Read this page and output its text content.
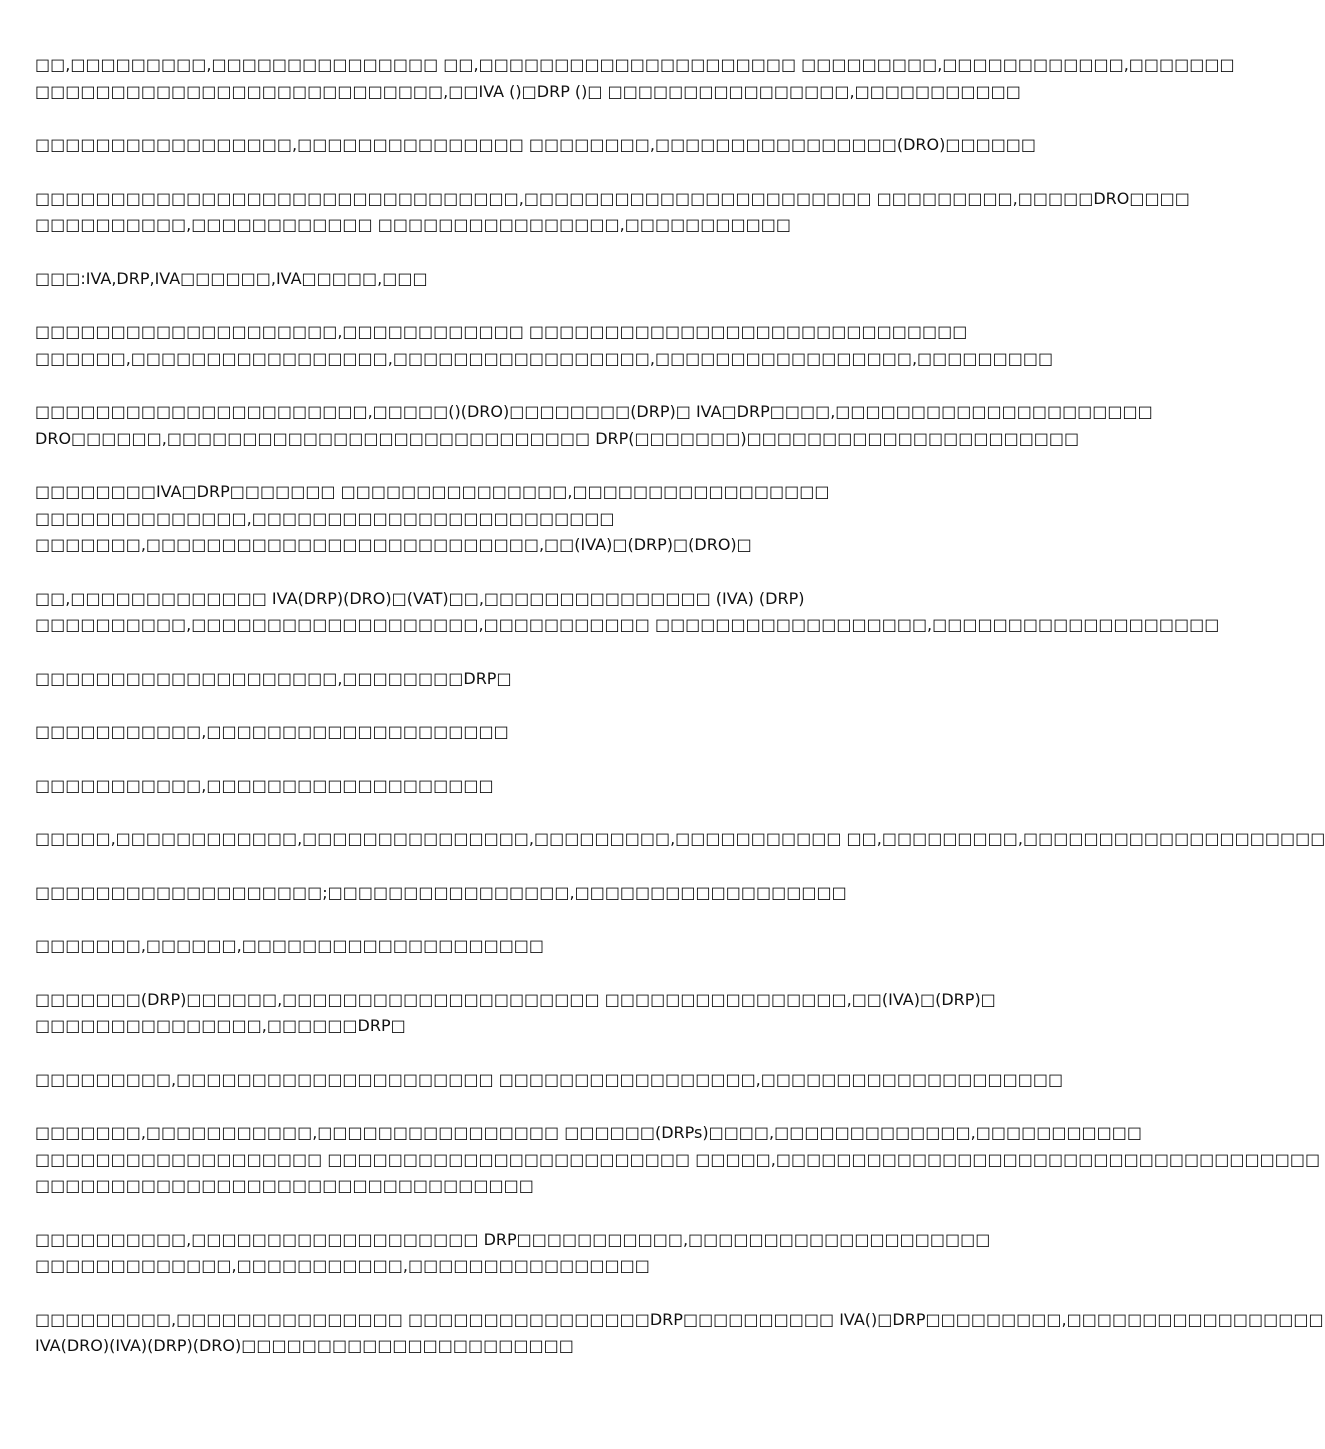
□□,□□□□□□□□□,□□□□□□□□□□□□□□□ □□,□□□□□□□□□□□□□□□□□□□□□ □□□□□□□□□,□□□□□□□□□□□□,□□□□□□□
□□□□□□□□□□□□□□□□□□□□□□□□□□□,□□IVA ()□DRP ()□ □□□□□□□□□□□□□□□□,□□□□□□□□□□□

□□□□□□□□□□□□□□□□□,□□□□□□□□□□□□□□□ □□□□□□□□,□□□□□□□□□□□□□□□□(DRO)□□□□□□

□□□□□□□□□□□□□□□□□□□□□□□□□□□□□□□□,□□□□□□□□□□□□□□□□□□□□□□□ □□□□□□□□□,□□□□□DRO□□□□
□□□□□□□□□□,□□□□□□□□□□□□ □□□□□□□□□□□□□□□□,□□□□□□□□□□□

□□□:IVA,DRP,IVA□□□□□□,IVA□□□□□,□□□

□□□□□□□□□□□□□□□□□□□□,□□□□□□□□□□□□ □□□□□□□□□□□□□□□□□□□□□□□□□□□□□
□□□□□□,□□□□□□□□□□□□□□□□□,□□□□□□□□□□□□□□□□□,□□□□□□□□□□□□□□□□□,□□□□□□□□□

□□□□□□□□□□□□□□□□□□□□□□,□□□□□()(DRO)□□□□□□□□(DRP)□ IVA□DRP□□□□,□□□□□□□□□□□□□□□□□□□□□
DRO□□□□□□,□□□□□□□□□□□□□□□□□□□□□□□□□□□□ DRP(□□□□□□□)□□□□□□□□□□□□□□□□□□□□□□

□□□□□□□□IVA□DRP□□□□□□□ □□□□□□□□□□□□□□□,□□□□□□□□□□□□□□□□□
□□□□□□□□□□□□□□,□□□□□□□□□□□□□□□□□□□□□□□□
□□□□□□□,□□□□□□□□□□□□□□□□□□□□□□□□□□,□□(IVA)□(DRP)□(DRO)□

□□,□□□□□□□□□□□□□ IVA(DRP)(DRO)□(VAT)□□,□□□□□□□□□□□□□□□ (IVA) (DRP)
□□□□□□□□□□,□□□□□□□□□□□□□□□□□□□,□□□□□□□□□□□ □□□□□□□□□□□□□□□□□□,□□□□□□□□□□□□□□□□□□□

□□□□□□□□□□□□□□□□□□□□,□□□□□□□□DRP□

□□□□□□□□□□□,□□□□□□□□□□□□□□□□□□□□

□□□□□□□□□□□,□□□□□□□□□□□□□□□□□□□

□□□□□,□□□□□□□□□□□□,□□□□□□□□□□□□□□□,□□□□□□□□□,□□□□□□□□□□□ □□,□□□□□□□□□,□□□□□□□□□□□□□□□□□□□□

□□□□□□□□□□□□□□□□□□□;□□□□□□□□□□□□□□□□,□□□□□□□□□□□□□□□□□□

□□□□□□□,□□□□□□,□□□□□□□□□□□□□□□□□□□□

□□□□□□□(DRP)□□□□□□,□□□□□□□□□□□□□□□□□□□□□ □□□□□□□□□□□□□□□□,□□(IVA)□(DRP)□
□□□□□□□□□□□□□□□,□□□□□□DRP□

□□□□□□□□□,□□□□□□□□□□□□□□□□□□□□□ □□□□□□□□□□□□□□□□□,□□□□□□□□□□□□□□□□□□□□

□□□□□□□,□□□□□□□□□□□,□□□□□□□□□□□□□□□□ □□□□□□(DRPs)□□□□,□□□□□□□□□□□□□,□□□□□□□□□□□
□□□□□□□□□□□□□□□□□□□ □□□□□□□□□□□□□□□□□□□□□□□□ □□□□□,□□□□□□□□□□□□□□□□□□□□□□□□□□□□□□□□□□□□
□□□□□□□□□□□□□□□□□□□□□□□□□□□□□□□□□

□□□□□□□□□□,□□□□□□□□□□□□□□□□□□□ DRP□□□□□□□□□□□,□□□□□□□□□□□□□□□□□□□□
□□□□□□□□□□□□□,□□□□□□□□□□□,□□□□□□□□□□□□□□□□

□□□□□□□□□,□□□□□□□□□□□□□□□ □□□□□□□□□□□□□□□□DRP□□□□□□□□□□ IVA()□DRP□□□□□□□□□,□□□□□□□□□□□□□□□□□
IVA(DRO)(IVA)(DRP)(DRO)□□□□□□□□□□□□□□□□□□□□□□
